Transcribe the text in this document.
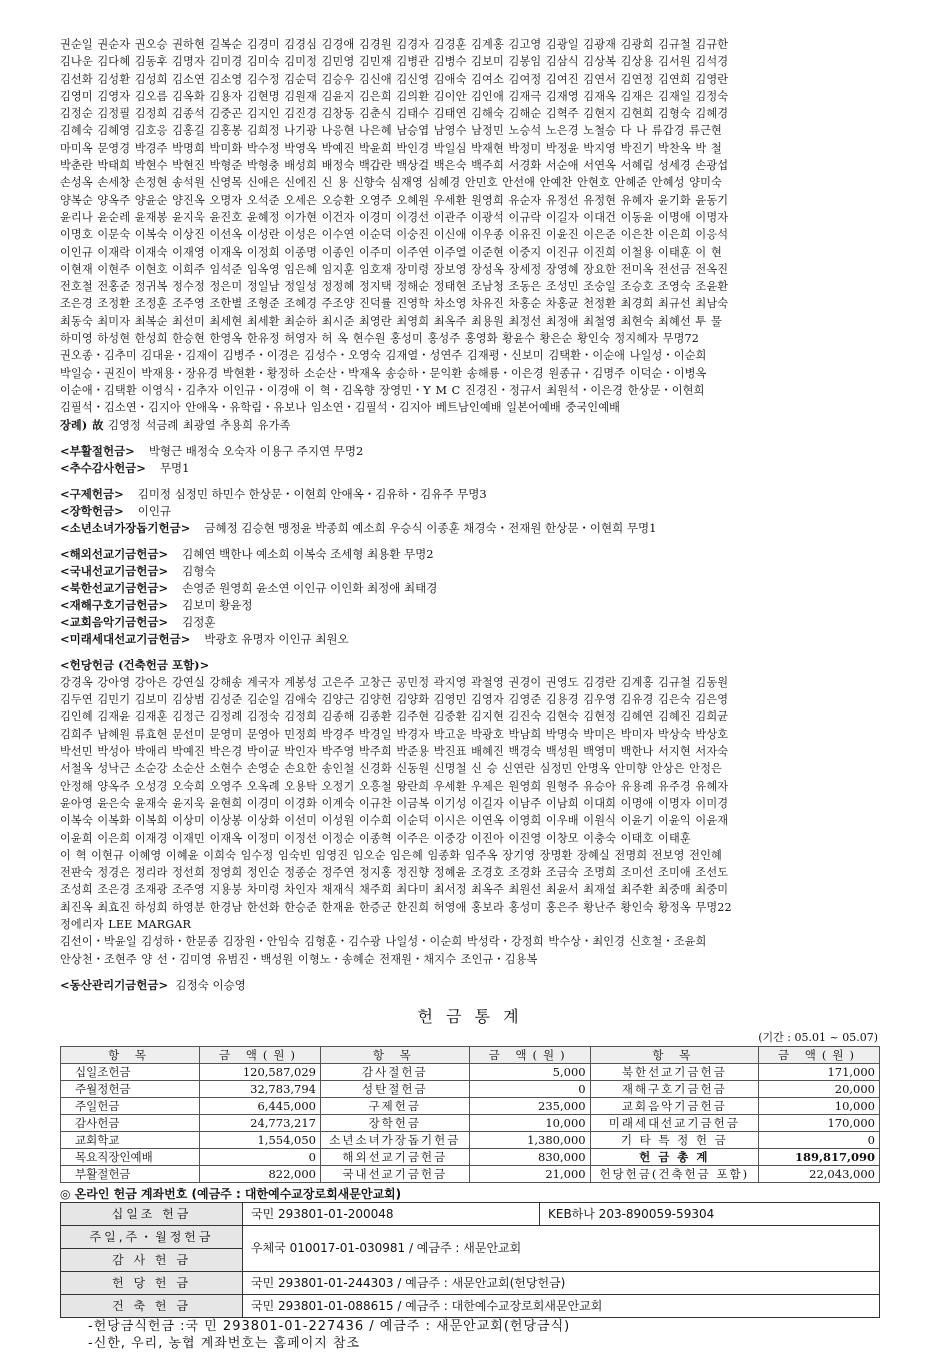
권순일 권순자 권오승 권하현 길복순 김경미 김경심 김경애 김경원 김경자 김경훈 김계홍 김고영 김광일 김광재 김광희 김규철 김규한

김나운 김다혜 김동후 김명자 김미경 김미숙 김미정 김민영 김민재 김병관 김병수 김보미 김봉임 김삼식 김상복 김상용 김서원 김석경

김선화 김성환 김성희 김소연 김소영 김수정 김순덕 김승우 김신애 김신영 김애숙 김여소 김여정 김여진 김연서 김연정 김연희 김영란

김영미 김영자 김오름 김옥화 김용자 김현명 김원재 김윤지 김은희 김의환 김이안 김인애 김재극 김재영 김재옥 김재은 김재일 김정숙

김정순 김정필 김정희 김종석 김중곤 김지인 김진경 김창동 김춘식 김태수 김태연 김해숙 김해순 김혁주 김현지 김현희 김형숙 김혜경

김혜숙 김혜영 김호응 김홍길 김홍봉 김희정 나기광 나응현 나은혜 남승엽 남영수 남정민 노승석 노은경 노철승 다 나 류갑경 류근현

마미옥 문영경 박경주 박명희 박미화 박수정 박영옥 박예진 박윤희 박인경 박일심 박재현 박정미 박정윤 박지영 박진기 박찬옥 박 철

박춘란 박태희 박현수 박현진 박형준 박형충 배성희 배정숙 백갑란 백상걸 백은숙 백주희 서경화 서순애 서연옥 서혜림 성세경 손광섭

손성옥 손세창 손정현 송석원 신영목 신애은 신에진 신 용 신향숙 심재영 심혜경 안민호 안선애 안예찬 안현호 안혜준 안혜성 양미숙

양복순 양옥주 양윤순 양진옥 오명자 오석준 오세은 오승환 오영주 오혜원 우세환 원영희 유순자 유정선 유정현 유혜자 윤기화 윤동기

윤리나 윤순레 윤재봉 윤지욱 윤진호 윤혜정 이가현 이건자 이경미 이경선 이관주 이광석 이규락 이길자 이대건 이동윤 이명애 이명자

이명호 이문숙 이복숙 이상진 이선옥 이성란 이성은 이수연 이순덕 이숭진 이신애 이우종 이유진 이윤진 이은준 이은찬 이은희 이응석

이인규 이재락 이재숙 이재영 이재옥 이정희 이종명 이종인 이주미 이주연 이주열 이준현 이중지 이진규 이진희 이철용 이태훈 이 현

이현재 이현주 이현호 이희주 임석준 임옥영 임은혜 임지훈 임호재 장미령 장보영 장성옥 장세정 장영혜 장요한 전미옥 전선금 전옥진

전호철 전홍준 정귀복 정수정 정은미 정일남 정일성 정정혜 정지택 정해순 정태현 조남청 조동은 조성민 조숭일 조승호 조영숙 조윤환

조은경 조정환 조정훈 조주영 조한별 조형준 조혜경 주조양 진덕률 진영학 차소영 차유진 차홍순 차홍균 천정환 최경희 최규선 최남숙

최동숙 최미자 최복순 최선미 최세현 최세환 최순하 최시준 최영란 최영희 최옥주 최용원 최정선 최정애 최철영 최현숙 최혜선 투 물

하미영 하성현 한성희 한승현 한영옥 한유정 허영자 허 옥 현수원 홍성미 홍성주 홍영화 황윤수 황은순 황인숙 정지혜자 무명72

권오종・김추미 김대윤・김재이 김병주・이경은 김성수・오영숙 김재열・성연주 김재평・신보미 김택환・이순애 나일성・이순희

박일승・권진이 박재용・장유경 박현환・황정하 소순산・박재옥 송승하・문익환 송해룡・이은경 원종규・김명주 이덕순・이병옥

이순애・김택환 이영식・김추자 이인규・이경애 이 혁・김옥향 장영민・Y M C 진경진・정규서 최원석・이은경 한상문・이현희

김필석・김소연・김지아 안애옥・유학림・유보나 임소연・김필석・김지아 베트남인예배 일본어예배 중국인예배

장례) 故 김영정 석금례 최광열 추용희 유가족

<부활절헌금> 박형근 배정숙 오숙자 이용구 주지연 무명2

<추수감사헌금> 무명1

<구제헌금> 김미정 심정민 하민수 한상문・이현희 안애옥・김유하・김유주 무명3

<장학헌금> 이인규

<소년소녀가장돕기헌금> 금혜정 김승현 맹정윤 박종희 예소희 우승식 이종훈 채경숙・전재원 한상문・이현희 무명1

<해외선교기금헌금> 김혜연 백한나 예소희 이복숙 조세형 최용환 무명2

<국내선교기금헌금> 김형숙

<북한선교기금헌금> 손영준 원영희 윤소연 이인규 이인화 최정애 최태경

<재해구호기금헌금> 김보미 황윤정

<교회음악기금헌금> 김정훈

<미래세대선교기금헌금> 박광호 유명자 이인규 최원오

<헌당헌금 (건축헌금 포함)>

강경옥 강아영 강아은 강연실 강해송 계국자 계봉성 고은주 고창근 공민정 곽지영 곽철영 권경이 권영도 김경란 김계홍 김규철 김동원

김두연 김민기 김보미 김상범 김성준 김순일 김애숙 김양근 김양헌 김양화 김영민 김영자 김영준 김용경 김우영 김유경 김은숙 김은영

김인혜 김재윤 김재훈 김정근 김정례 김정숙 김정희 김종해 김종환 김주현 김중환 김지현 김진숙 김현숙 김현정 김혜연 김혜진 김희균

김희주 남혜원 류효현 문선미 문영미 문영아 민정희 박경주 박경일 박경자 박고운 박광호 박남희 박명숙 박미은 박미자 박상숙 박상호

박선민 박성아 박애리 박예진 박은경 박이균 박인자 박주영 박주희 박준용 박진표 배혜진 백경숙 백성원 백영미 백한나 서지현 서자숙

서철옥 성낙근 소순강 소순산 소현수 손영순 손요한 송인철 신경화 신동원 신명철 신 승 신연란 심정민 안명옥 안미향 안상은 안정은

안정해 양옥주 오성경 오숙희 오영주 오옥례 오용탁 오정기 오흥철 왕란희 우세환 우제은 원영희 원형주 유승아 유용례 유주경 유혜자

윤아영 윤은숙 윤재숙 윤지욱 윤현희 이경미 이경화 이계숙 이규찬 이금복 이기성 이길자 이남주 이남희 이대희 이명애 이명자 이미경

이복숙 이복화 이복희 이상미 이상봉 이상화 이선미 이성원 이수희 이순덕 이시은 이연옥 이영희 이우배 이원식 이윤기 이윤익 이윤재

이윤희 이은희 이재경 이재민 이재옥 이정미 이정선 이정순 이종혁 이주은 이중강 이진아 이진영 이창모 이충숙 이태호 이태훈

이 혁 이현규 이혜영 이혜윤 이희숙 임수정 임숙빈 임영진 임오순 임은혜 임종화 임주옥 장기영 장명환 장혜실 전명희 전보영 전인혜

전판숙 정경은 정리라 정선희 정영희 정인순 정종순 정주연 정지홍 정진향 정혜윤 조경호 조경화 조금숙 조명희 조미선 조미애 조선도

조성희 조은경 조재광 조주영 지용붕 차미령 차인자 채재식 채주희 최다미 최서정 최옥주 최원선 최윤서 최재설 최주환 최중매 최중미

최진옥 최효진 하성희 하영분 한경남 한선화 한승준 한재윤 한증군 한진희 허영애 홍보라 홍성미 홍은주 황난주 황인숙 황정옥 무명22

정에리자 LEE MARGAR

김선이・박윤일 김성하・한문종 김장원・안임숙 김형훈・김수광 나일성・이순희 박성락・강정희 박수상・최인경 신호철・조윤희

안상천・조현주 양 선・김미영 유범진・백성원 이형노・송혜순 전재원・채지수 조인규・김용복

<동산관리기금헌금> 김정숙 이승영

헌 금 통 계
(기간 : 05.01 ~ 05.07)
항 목	금 액(원)	항 목	금 액(원)	항 목	금 액(원)
십일조헌금	120,587,029	감사절헌금	5,000	북한선교기금헌금	171,000
주월정헌금	32,783,794	성탄절헌금	0	재해구호기금헌금	20,000
주일헌금	6,445,000	구제헌금	235,000	교회음악기금헌금	10,000
감사헌금	24,773,217	장학헌금	10,000	미래세대선교기금헌금	170,000
교회학교	1,554,050	소년소녀가장돕기헌금	1,380,000	기 타 특 정 헌 금	0
목요직장인예배	0	해외선교기금헌금	830,000	헌 금 총 계	189,817,090
부활절헌금	822,000	국내선교기금헌금	21,000	헌당헌금(건축헌금 포함)	22,043,000
◎ 온라인 헌금 계좌번호 (예금주 : 대한예수교장로회새문안교회)
십일조 헌금	국민 293801-01-200048	KEB하나 203-890059-59304
주일,주・월정헌금	우체국 010017-01-030981 / 예금주 : 새문안교회	
감 사 헌 금		
헌 당 헌 금	국민 293801-01-244303 / 예금주 : 새문안교회(헌당헌금)	
건 축 헌 금	국민 293801-01-088615 / 예금주 : 대한예수교장로회새문안교회	

-헌당금식헌금 :국 민 293801-01-227436 / 예금주 : 새문안교회(헌당금식)

-신한, 우리, 농협 계좌번호는 홈페이지 참조
